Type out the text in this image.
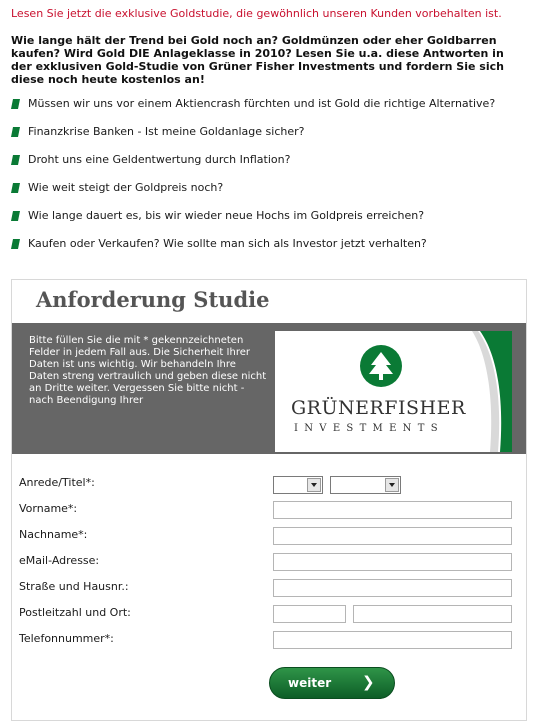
Lesen Sie jetzt die exklusive Goldstudie, die gewöhnlich unseren Kunden vorbehalten ist.
Wie lange hält der Trend bei Gold noch an? Goldmünzen oder eher Goldbarren kaufen? Wird Gold DIE Anlageklasse in 2010? Lesen Sie u.a. diese Antworten in der exklusiven Gold-Studie von Grüner Fisher Investments und fordern Sie sich diese noch heute kostenlos an!
Müssen wir uns vor einem Aktiencrash fürchten und ist Gold die richtige Alternative?
Finanzkrise Banken - Ist meine Goldanlage sicher?
Droht uns eine Geldentwertung durch Inflation?
Wie weit steigt der Goldpreis noch?
Wie lange dauert es, bis wir wieder neue Hochs im Goldpreis erreichen?
Kaufen oder Verkaufen? Wie sollte man sich als Investor jetzt verhalten?
Anforderung Studie
Bitte füllen Sie die mit * gekennzeichneten Felder in jedem Fall aus. Die Sicherheit Ihrer Daten ist uns wichtig. Wir behandeln Ihre Daten streng vertraulich und geben diese nicht an Dritte weiter. Vergessen Sie bitte nicht - nach Beendigung Ihrer	GRÜNERFISHER
INVESTMENTS
Anrede/Titel*:
Vorname*:
Nachname*:
eMail-Adresse:
Straße und Hausnr.:
Postleitzahl und Ort:
Telefonnummer*:
weiter ❯
